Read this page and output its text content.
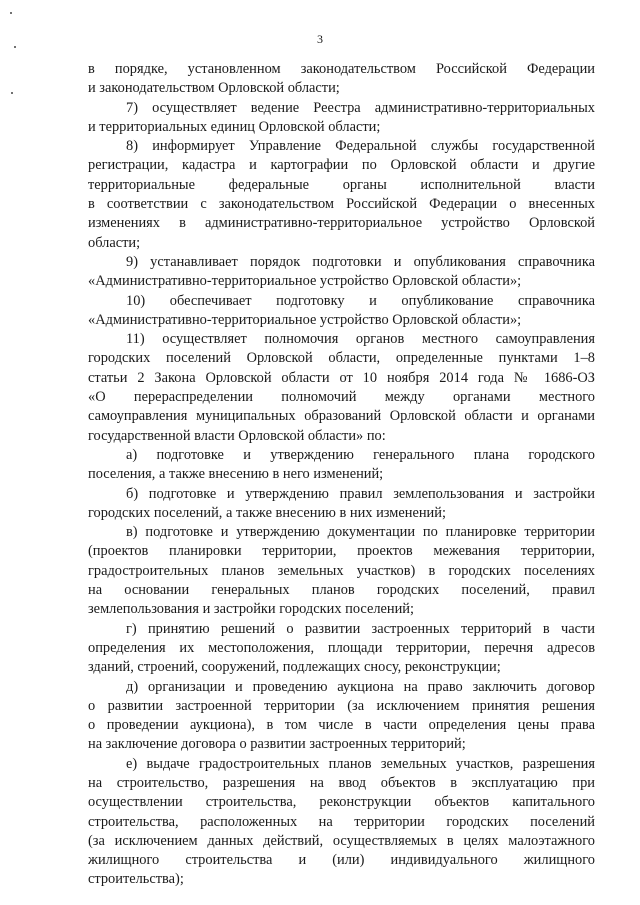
3
в порядке, установленном законодательством Российской Федерации
и законодательством Орловской области;
7) осуществляет ведение Реестра административно-территориальных
и территориальных единиц Орловской области;
8) информирует Управление Федеральной службы государственной
регистрации, кадастра и картографии по Орловской области и другие
территориальные федеральные органы исполнительной власти
в соответствии с законодательством Российской Федерации о внесенных
изменениях в административно-территориальное устройство Орловской
области;
9) устанавливает порядок подготовки и опубликования справочника
«Административно-территориальное устройство Орловской области»;
10) обеспечивает подготовку и опубликование справочника
«Административно-территориальное устройство Орловской области»;
11) осуществляет полномочия органов местного самоуправления
городских поселений Орловской области, определенные пунктами 1–8
статьи 2 Закона Орловской области от 10 ноября 2014 года № 1686-ОЗ
«О перераспределении полномочий между органами местного
самоуправления муниципальных образований Орловской области и органами
государственной власти Орловской области» по:
а) подготовке и утверждению генерального плана городского
поселения, а также внесению в него изменений;
б) подготовке и утверждению правил землепользования и застройки
городских поселений, а также внесению в них изменений;
в) подготовке и утверждению документации по планировке территории
(проектов планировки территории, проектов межевания территории,
градостроительных планов земельных участков) в городских поселениях
на основании генеральных планов городских поселений, правил
землепользования и застройки городских поселений;
г) принятию решений о развитии застроенных территорий в части
определения их местоположения, площади территории, перечня адресов
зданий, строений, сооружений, подлежащих сносу, реконструкции;
д) организации и проведению аукциона на право заключить договор
о развитии застроенной территории (за исключением принятия решения
о проведении аукциона), в том числе в части определения цены права
на заключение договора о развитии застроенных территорий;
е) выдаче градостроительных планов земельных участков, разрешения
на строительство, разрешения на ввод объектов в эксплуатацию при
осуществлении строительства, реконструкции объектов капитального
строительства, расположенных на территории городских поселений
(за исключением данных действий, осуществляемых в целях малоэтажного
жилищного строительства и (или) индивидуального жилищного
строительства);
